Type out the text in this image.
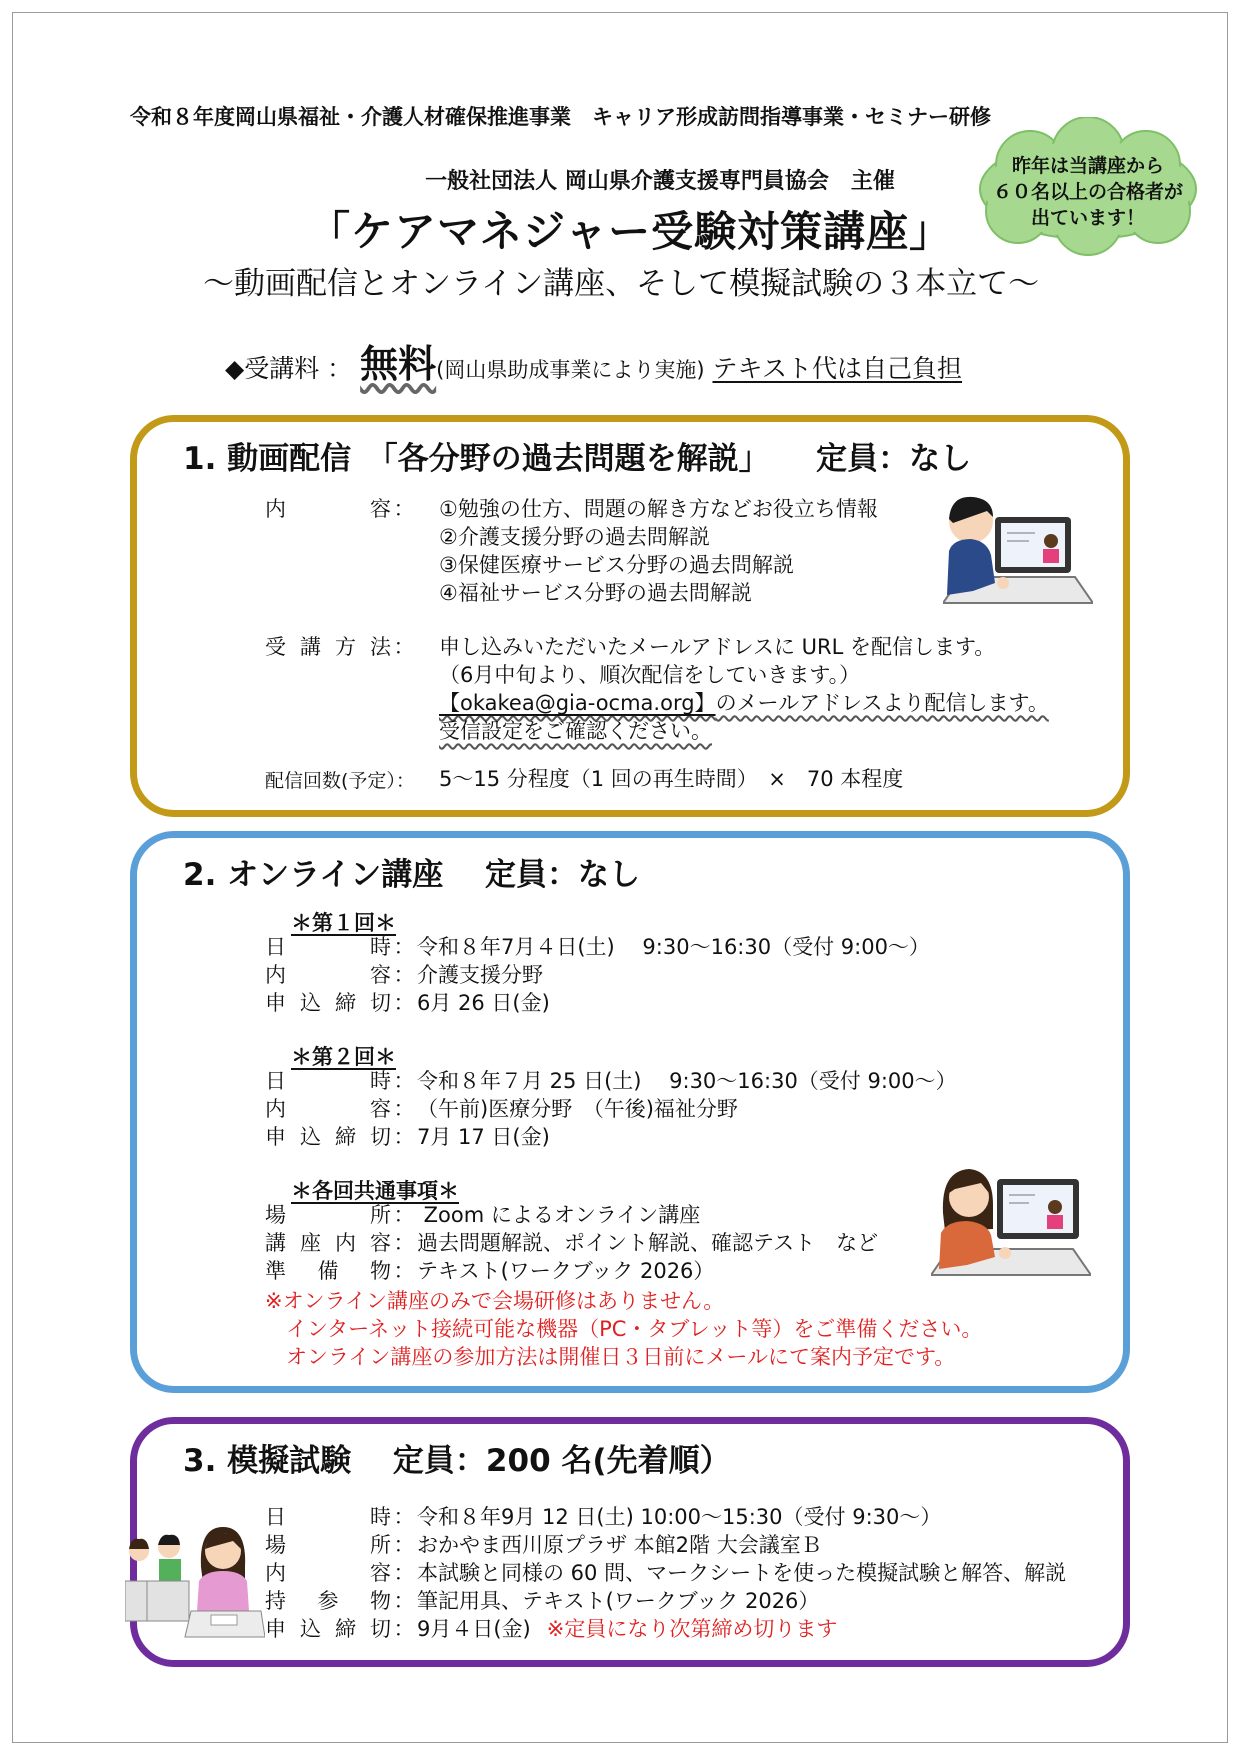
令和８年度岡山県福祉・介護人材確保推進事業　キャリア形成訪問指導事業・セミナー研修
一般社団法人 岡山県介護支援専門員協会　主催
「ケアマネジャー受験対策講座」
～動画配信とオンライン講座、そして模擬試験の３本立て～
昨年は当講座から
６０名以上の合格者が
出ています！
◆受講料 ： 無料(岡山県助成事業により実施) テキスト代は自己負担
1. 動画配信　「各分野の過去問題を解説」　　定員：なし
内容 ： ①勉強の仕方、問題の解き方などお役立ち情報
②介護支援分野の過去問解説
③保健医療サービス分野の過去問解説
④福祉サービス分野の過去問解説
受講方法 ： 申し込みいただいたメールアドレスに URL を配信します。
（6月中旬より、順次配信をしていきます。）
【okakea@gia-ocma.org】のメールアドレスより配信します。
受信設定をご確認ください。
配信回数(予定）： 5～15 分程度（1 回の再生時間）　×　70 本程度
2. オンライン講座　 定員：なし
＊第１回＊
日時 ： 令和８年7月４日(土)　 9:30～16:30（受付 9:00～）
内容 ： 介護支援分野
申込締切 ： 6月 26 日(金)
＊第２回＊
日時 ： 令和８年７月 25 日(土)　 9:30～16:30（受付 9:00～）
内容 ： （午前)医療分野　（午後)福祉分野
申込締切 ： 7月 17 日(金)
＊各回共通事項＊
場所 ： Zoom によるオンライン講座
講座内容 ： 過去問題解説、ポイント解説、確認テスト　など
準備物 ： テキスト(ワークブック 2026）
※オンライン講座のみで会場研修はありません。
　インターネット接続可能な機器（PC・タブレット等）をご準備ください。
　オンライン講座の参加方法は開催日３日前にメールにて案内予定です。
3. 模擬試験　 定員：200 名(先着順）
日時 ： 令和８年9月 12 日(土) 10:00～15:30（受付 9:30～）
場所 ： おかやま西川原プラザ 本館2階 大会議室Ｂ
内容 ： 本試験と同様の 60 問、マークシートを使った模擬試験と解答、解説
持参物 ： 筆記用具、テキスト(ワークブック 2026）
申込締切 ： 9月４日(金) ※定員になり次第締め切ります
